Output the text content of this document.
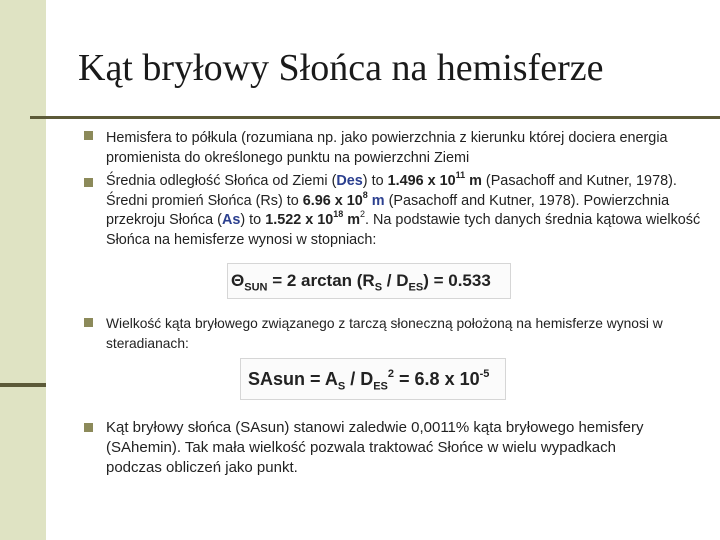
Kąt bryłowy Słońca na hemisferze
Hemisfera to półkula (rozumiana np. jako powierzchnia z kierunku której dociera energia promienista do określonego punktu na powierzchni Ziemi
Średnia odległość Słońca od Ziemi (Des) to 1.496 x $10^{11}$ m (Pasachoff and Kutner, 1978). Średni promień Słońca (Rs) to 6.96 x $10^8$ m (Pasachoff and Kutner, 1978). Powierzchnia przekroju Słońca (As) to 1.522 x $10^{18}$ $m^2$. Na podstawie tych danych średnia kątowa wielkość Słońca na hemisferze wynosi w stopniach:
$\Theta_{SUN} = 2$ $\arctan (R_S / D_{ES}) = 0.533$
Wielkość kąta bryłowego związanego z tarczą słoneczną położoną na hemisferze wynosi w steradianach:
SAsun = $A_S / D_{ES}^2 = 6.8$ x $10^{-5}$
Kąt bryłowy słońca (SAsun) stanowi zaledwie 0,0011% kąta bryłowego hemisfery (SAhemin). Tak mała wielkość pozwala traktować Słońce w wielu wypadkach podczas obliczeń jako punkt.
